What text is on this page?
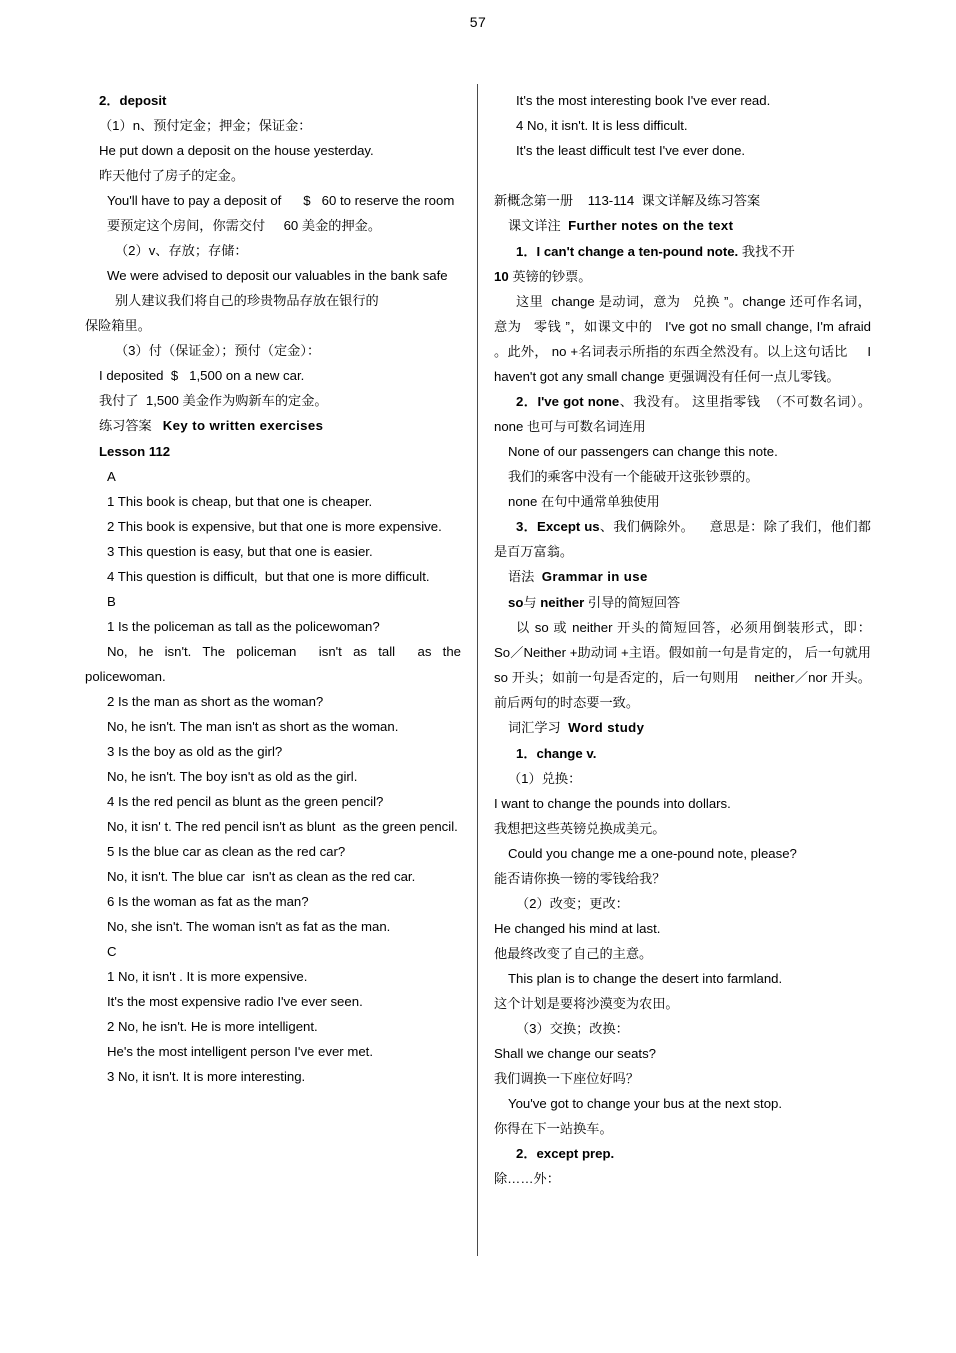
57

2．deposit

（1）n、预付定金；押金；保证金：

He put down a deposit on the house yesterday.

昨天他付了房子的定金。

You'll have to pay a deposit of      $   60 to reserve the room

要预定这个房间，你需交付     60 美金的押金。

（2）v、存放；存储：

We were advised to deposit our valuables in the bank safe

别人建议我们将自己的珍贵物品存放在银行的

保险箱里。

（3）付（保证金）；预付（定金）：

I deposited  $   1,500 on a new car.

我付了  1,500 美金作为购新车的定金。

练习答案 Key to written exercises

Lesson 112

A

1 This book is cheap, but that one is cheaper.

2 This book is expensive, but that one is more expensive.

3 This question is easy, but that one is easier.

4 This question is difficult,  but that one is more difficult.

B

1 Is the policeman as tall as the policewoman?

No, he isn't. The policeman  isn't as tall  as the policewoman.

2 Is the man as short as the woman?

No, he isn't. The man isn't as short as the woman.

3 Is the boy as old as the girl?

No, he isn't. The boy isn't as old as the girl.

4 Is the red pencil as blunt as the green pencil?

No, it isn' t. The red pencil isn't as blunt  as the green pencil.

5 Is the blue car as clean as the red car?

No, it isn't. The blue car  isn't as clean as the red car.

6 Is the woman as fat as the man?

No, she isn't. The woman isn't as fat as the man.

C

1 No, it isn't . It is more expensive.

It's the most expensive radio I've ever seen.

2 No, he isn't. He is more intelligent.

He's the most intelligent person I've ever met.

3 No, it isn't. It is more interesting.

It's the most interesting book I've ever read.

4 No, it isn't. It is less difficult.

It's the least difficult test I've ever done.

新概念第一册    113-114  课文详解及练习答案

课文详注 Further notes on the text

1．I can't change a ten-pound note. 我找不开

10 英镑的钞票。

这里  change 是动词，意为   兑换 ”。change 还可作名词，意为   零钱 ”，如课文中的   I've got no small change, I'm afraid 。此外， no +名词表示所指的东西全然没有。以上这句话比     I haven't got any small change 更强调没有任何一点儿零钱。

2．I've got none、我没有。 这里指零钱  （不可数名词）。 none 也可与可数名词连用

None of our passengers can change this note.

我们的乘客中没有一个能破开这张钞票的。

none 在句中通常单独使用

3．Except us、我们俩除外。    意思是：除了我们，他们都是百万富翁。

语法 Grammar in use

so与 neither 引导的简短回答

以 so 或 neither 开头的简短回答，必须用倒装形式，即：   So／Neither +助动词 +主语。假如前一句是肯定的， 后一句就用  so 开头；如前一句是否定的，后一句则用    neither／nor 开头。前后两句的时态要一致。

词汇学习 Word study

1．change v.

（1）兑换：

I want to change the pounds into dollars.

我想把这些英镑兑换成美元。

Could you change me a one-pound note, please?

能否请你换一镑的零钱给我？

（2）改变；更改：

He changed his mind at last.

他最终改变了自己的主意。

This plan is to change the desert into farmland.

这个计划是要将沙漠变为农田。

（3）交换；改换：

Shall we change our seats?

我们调换一下座位好吗？

You've got to change your bus at the next stop.

你得在下一站换车。

2．except prep.

除……外：
